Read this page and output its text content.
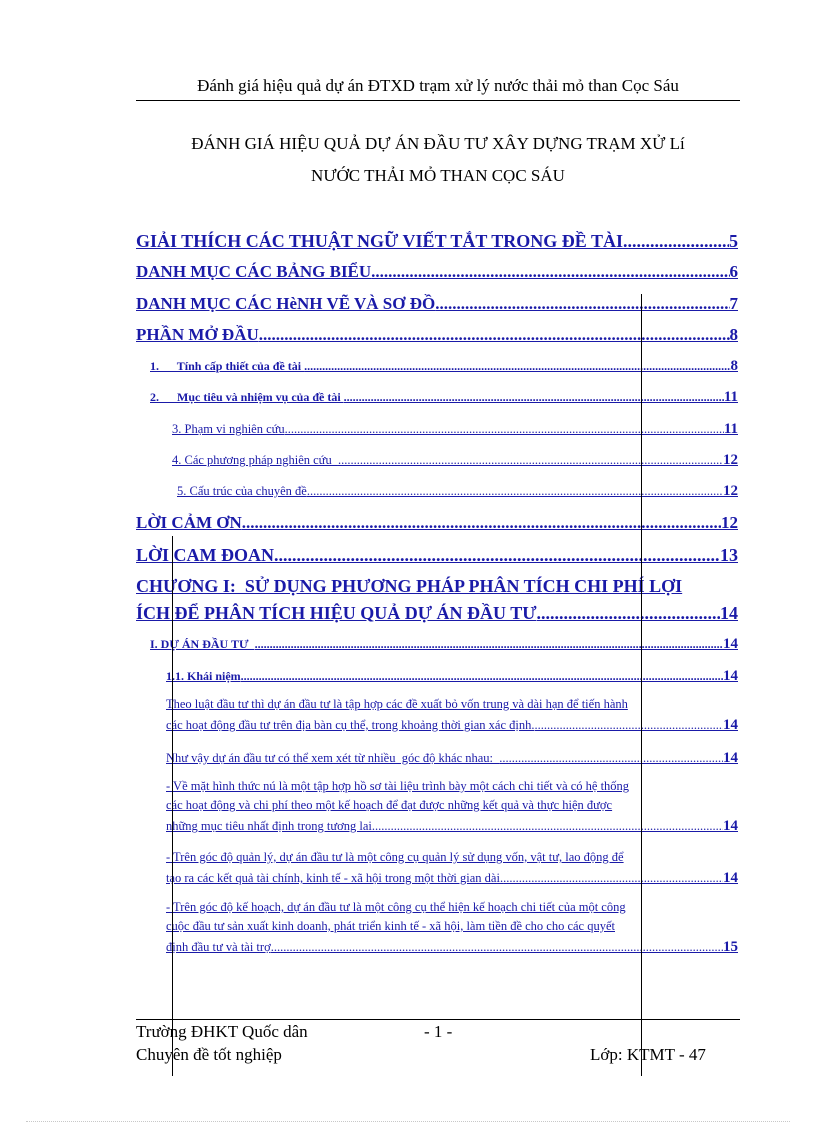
Đánh giá hiệu quả dự án ĐTXD trạm xử lý nước thải mỏ than Cọc Sáu
ĐÁNH GIÁ HIỆU QUẢ DỰ ÁN ĐẦU TƯ XÂY DỰNG TRẠM XỬ Lí
NƯỚC THẢI MỎ THAN CỌC SÁU
GIẢI THÍCH CÁC THUẬT NGỮ VIẾT TẮT TRONG ĐỀ TÀI .....	5
DANH MỤC CÁC BẢNG BIỂU .....	6
DANH MỤC CÁC HèNH VẼ VÀ SƠ ĐỒ .....	7
PHẦN MỞ ĐẦU .....	8
1.      Tính cấp thiết của đề tài .....	8
2.      Mục tiêu và nhiệm vụ của đề tài .....	11
3. Phạm vi nghiên cứu .....	11
4. Các phương pháp nghiên cứu .....	12
5. Cấu trúc của chuyên đề .....	12
LỜI CẢM ƠN .....	12
LỜI CAM ĐOAN .....	13
CHƯƠNG I:  SỬ DỤNG PHƯƠNG PHÁP PHÂN TÍCH CHI PHÍ LỢI
ÍCH ĐỂ PHÂN TÍCH HIỆU QUẢ DỰ ÁN ĐẦU TƯ .....	14
I. DỰ ÁN ĐẦU TƯ .....	14
1.1. Khái niệm .....	14
Theo luật đầu tư thì dự án đầu tư là tập hợp các đề xuất bỏ vốn trung và dài hạn để tiến hành
các hoạt động đầu tư trên địa bàn cụ thể, trong khoảng thời gian xác định. .....	14
Như vậy dự án đầu tư có thể xem xét từ nhiều  góc độ khác nhau: .....	14
- Về mặt hình thức nú là một tập hợp hồ sơ tài liệu trình bày một cách chi tiết và có hệ thống
các hoạt động và chi phí theo một kế hoạch để đạt được những kết quả và thực hiện được
những mục tiêu nhất định trong tương lai. .....	14
- Trên góc độ quản lý, dự án đầu tư là một công cụ quản lý sử dụng vốn, vật tư, lao động để
tạo ra các kết quả tài chính, kinh tế - xã hội trong một thời gian dài. .....	14
- Trên góc độ kế hoạch, dự án đầu tư là một công cụ thể hiện kế hoạch chi tiết của một công
cuộc đầu tư sản xuất kinh doanh, phát triển kinh tế - xã hội, làm tiền đề cho cho các quyết
định đầu tư và tài trợ .....	15
Trường ĐHKT Quốc dân	- 1 -
Chuyên đề tốt nghiệp	Lớp: KTMT - 47
